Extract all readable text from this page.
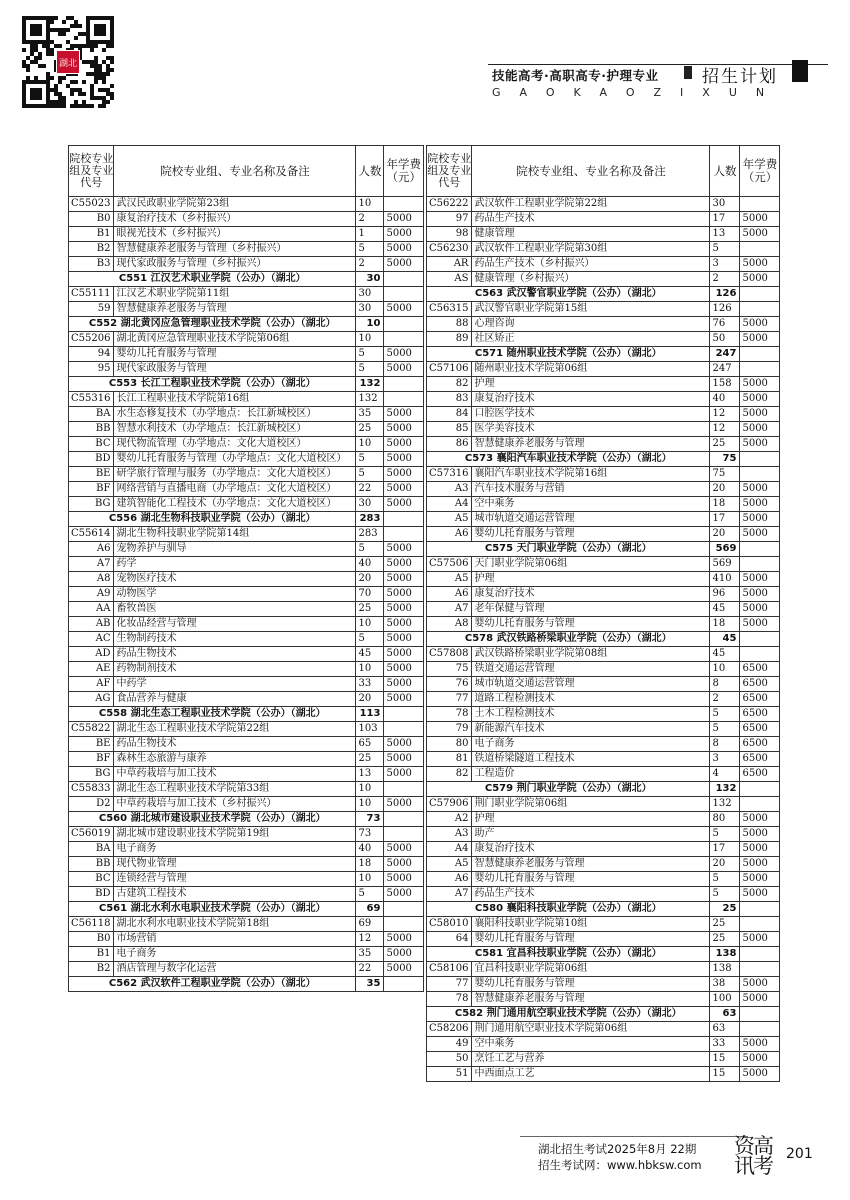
湖北
技能高考·高职高专·护理专业	招生计划
GAOKAOZIXUN
院校专业组及专业代号	院校专业组、专业名称及备注	人数	年学费（元）
C55023	武汉民政职业学院第23组	10	
B0	康复治疗技术（乡村振兴）	2	5000
B1	眼视光技术（乡村振兴）	1	5000
B2	智慧健康养老服务与管理（乡村振兴）	5	5000
B3	现代家政服务与管理（乡村振兴）	2	5000
C551 江汉艺术职业学院（公办）（湖北）		30	
C55111	江汉艺术职业学院第11组	30	
59	智慧健康养老服务与管理	30	5000
C552 湖北黄冈应急管理职业技术学院（公办）（湖北）		10	
C55206	湖北黄冈应急管理职业技术学院第06组	10	
94	婴幼儿托育服务与管理	5	5000
95	现代家政服务与管理	5	5000
C553 长江工程职业技术学院（公办）（湖北）		132	
C55316	长江工程职业技术学院第16组	132	
BA	水生态修复技术（办学地点：长江新城校区）	35	5000
BB	智慧水利技术（办学地点：长江新城校区）	25	5000
BC	现代物流管理（办学地点：文化大道校区）	10	5000
BD	婴幼儿托育服务与管理（办学地点：文化大道校区）	5	5000
BE	研学旅行管理与服务（办学地点：文化大道校区）	5	5000
BF	网络营销与直播电商（办学地点：文化大道校区）	22	5000
BG	建筑智能化工程技术（办学地点：文化大道校区）	30	5000
C556 湖北生物科技职业学院（公办）（湖北）		283	
C55614	湖北生物科技职业学院第14组	283	
A6	宠物养护与驯导	5	5000
A7	药学	40	5000
A8	宠物医疗技术	20	5000
A9	动物医学	70	5000
AA	畜牧兽医	25	5000
AB	化妆品经营与管理	10	5000
AC	生物制药技术	5	5000
AD	药品生物技术	45	5000
AE	药物制剂技术	10	5000
AF	中药学	33	5000
AG	食品营养与健康	20	5000
C558 湖北生态工程职业技术学院（公办）（湖北）		113	
C55822	湖北生态工程职业技术学院第22组	103	
BE	药品生物技术	65	5000
BF	森林生态旅游与康养	25	5000
BG	中草药栽培与加工技术	13	5000
C55833	湖北生态工程职业技术学院第33组	10	
D2	中草药栽培与加工技术（乡村振兴）	10	5000
C560 湖北城市建设职业技术学院（公办）（湖北）		73	
C56019	湖北城市建设职业技术学院第19组	73	
BA	电子商务	40	5000
BB	现代物业管理	18	5000
BC	连锁经营与管理	10	5000
BD	古建筑工程技术	5	5000
C561 湖北水利水电职业技术学院（公办）（湖北）		69	
C56118	湖北水利水电职业技术学院第18组	69	
B0	市场营销	12	5000
B1	电子商务	35	5000
B2	酒店管理与数字化运营	22	5000
C562 武汉软件工程职业学院（公办）（湖北）		35	
院校专业组及专业代号	院校专业组、专业名称及备注	人数	年学费（元）
C56222	武汉软件工程职业学院第22组	30	
97	药品生产技术	17	5000
98	健康管理	13	5000
C56230	武汉软件工程职业学院第30组	5	
AR	药品生产技术（乡村振兴）	3	5000
AS	健康管理（乡村振兴）	2	5000
C563 武汉警官职业学院（公办）（湖北）		126	
C56315	武汉警官职业学院第15组	126	
88	心理咨询	76	5000
89	社区矫正	50	5000
C571 随州职业技术学院（公办）（湖北）		247	
C57106	随州职业技术学院第06组	247	
82	护理	158	5000
83	康复治疗技术	40	5000
84	口腔医学技术	12	5000
85	医学美容技术	12	5000
86	智慧健康养老服务与管理	25	5000
C573 襄阳汽车职业技术学院（公办）（湖北）		75	
C57316	襄阳汽车职业技术学院第16组	75	
A3	汽车技术服务与营销	20	5000
A4	空中乘务	18	5000
A5	城市轨道交通运营管理	17	5000
A6	婴幼儿托育服务与管理	20	5000
C575 天门职业学院（公办）（湖北）		569	
C57506	天门职业学院第06组	569	
A5	护理	410	5000
A6	康复治疗技术	96	5000
A7	老年保健与管理	45	5000
A8	婴幼儿托育服务与管理	18	5000
C578 武汉铁路桥梁职业学院（公办）（湖北）		45	
C57808	武汉铁路桥梁职业学院第08组	45	
75	铁道交通运营管理	10	6500
76	城市轨道交通运营管理	8	6500
77	道路工程检测技术	2	6500
78	土木工程检测技术	5	6500
79	新能源汽车技术	5	6500
80	电子商务	8	6500
81	铁道桥梁隧道工程技术	3	6500
82	工程造价	4	6500
C579 荆门职业学院（公办）（湖北）		132	
C57906	荆门职业学院第06组	132	
A2	护理	80	5000
A3	助产	5	5000
A4	康复治疗技术	17	5000
A5	智慧健康养老服务与管理	20	5000
A6	婴幼儿托育服务与管理	5	5000
A7	药品生产技术	5	5000
C580 襄阳科技职业学院（公办）（湖北）		25	
C58010	襄阳科技职业学院第10组	25	
64	婴幼儿托育服务与管理	25	5000
C581 宜昌科技职业学院（公办）（湖北）		138	
C58106	宜昌科技职业学院第06组	138	
77	婴幼儿托育服务与管理	38	5000
78	智慧健康养老服务与管理	100	5000
C582 荆门通用航空职业技术学院（公办）（湖北）		63	
C58206	荆门通用航空职业技术学院第06组	63	
49	空中乘务	33	5000
50	烹饪工艺与营养	15	5000
51	中西面点工艺	15	5000
湖北招生考试2025年8月 22期
招生考试网：www.hbksw.com
资高讯考 201
